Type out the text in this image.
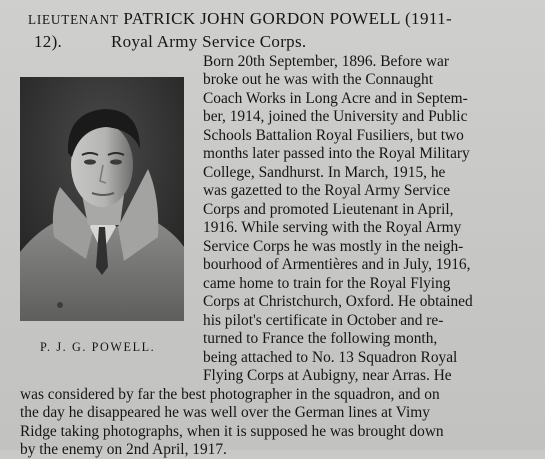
LIEUTENANT PATRICK JOHN GORDON POWELL (1911-
12).	Royal Army Service Corps.
P. J. G. POWELL.
Born 20th September, 1896. Before war
broke out he was with the Connaught
Coach Works in Long Acre and in Septem-
ber, 1914, joined the University and Public
Schools Battalion Royal Fusiliers, but two
months later passed into the Royal Military
College, Sandhurst. In March, 1915, he
was gazetted to the Royal Army Service
Corps and promoted Lieutenant in April,
1916. While serving with the Royal Army
Service Corps he was mostly in the neigh-
bourhood of Armentières and in July, 1916,
came home to train for the Royal Flying
Corps at Christchurch, Oxford. He obtained
his pilot's certificate in October and re-
turned to France the following month,
being attached to No. 13 Squadron Royal
Flying Corps at Aubigny, near Arras. He
was considered by far the best photographer in the squadron, and on
the day he disappeared he was well over the German lines at Vimy
Ridge taking photographs, when it is supposed he was brought down
by the enemy on 2nd April, 1917.
